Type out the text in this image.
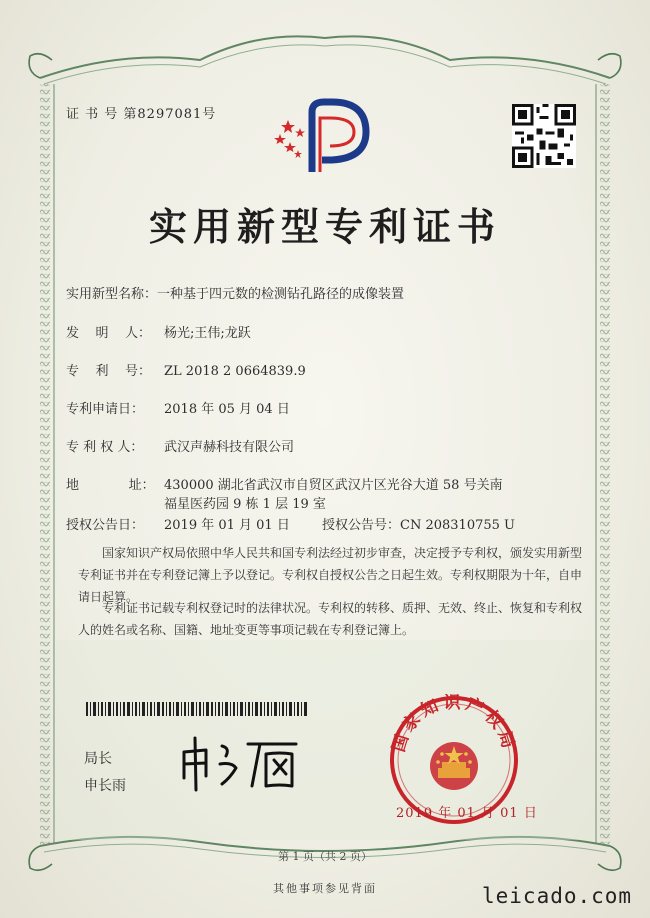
证 书 号 第8297081号
实用新型专利证书
实用新型名称：一种基于四元数的检测钻孔路径的成像装置
发    明    人： 杨光;王伟;龙跃
专    利    号： ZL 2018 2 0664839.9
专利申请日： 2018 年 05 月 04 日
专 利 权 人： 武汉声赫科技有限公司
地            址： 430000 湖北省武汉市自贸区武汉片区光谷大道 58 号关南
福星医药园 9 栋 1 层 19 室
授权公告日： 2019 年 01 月 01 日 授权公告号：CN 208310755 U
国家知识产权局依照中华人民共和国专利法经过初步审查，决定授予专利权，颁发实用新型专利证书并在专利登记簿上予以登记。专利权自授权公告之日起生效。专利权期限为十年，自申请日起算。
专利证书记载专利权登记时的法律状况。专利权的转移、质押、无效、终止、恢复和专利权人的姓名或名称、国籍、地址变更等事项记载在专利登记簿上。
局长
申长雨
国家知识产权局
2019 年 01 月 01 日
第 1 页（共 2 页）
其他事项参见背面	leicado.com
